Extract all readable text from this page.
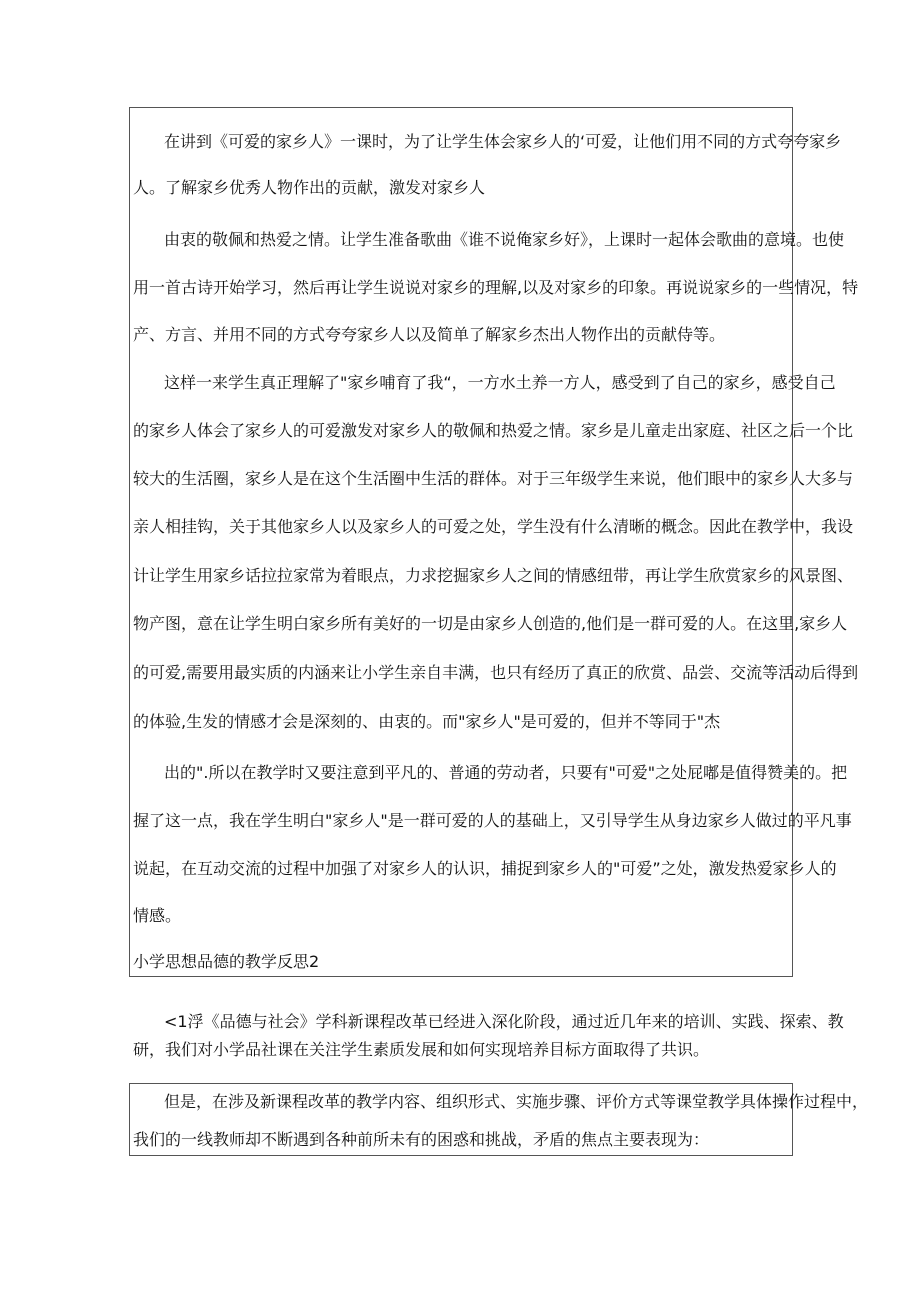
在讲到《可爱的家乡人》一课时，为了让学生体会家乡人的‘可爱，让他们用不同的方式夸夸家乡
人。了解家乡优秀人物作出的贡献，激发对家乡人
由衷的敬佩和热爱之情。让学生准备歌曲《谁不说俺家乡好》，上课时一起体会歌曲的意境。也使
用一首古诗开始学习，然后再让学生说说对家乡的理解,以及对家乡的印象。再说说家乡的一些情况，特
产、方言、并用不同的方式夸夸家乡人以及简单了解家乡杰出人物作出的贡献侍等。
这样一来学生真正理解了"家乡哺育了我“，一方水土养一方人，感受到了自己的家乡，感受自己
的家乡人体会了家乡人的可爱激发对家乡人的敬佩和热爱之情。家乡是儿童走出家庭、社区之后一个比
较大的生活圈，家乡人是在这个生活圈中生活的群体。对于三年级学生来说，他们眼中的家乡人大多与
亲人相挂钩，关于其他家乡人以及家乡人的可爱之处，学生没有什么清晰的概念。因此在教学中，我设
计让学生用家乡话拉拉家常为着眼点，力求挖掘家乡人之间的情感纽带，再让学生欣赏家乡的风景图、
物产图，意在让学生明白家乡所有美好的一切是由家乡人创造的,他们是一群可爱的人。在这里,家乡人
的可爱,需要用最实质的内涵来让小学生亲自丰满，也只有经历了真正的欣赏、品尝、交流等活动后得到
的体验,生发的情感才会是深刻的、由衷的。而"家乡人"是可爱的，但并不等同于"杰
出的".所以在教学时又要注意到平凡的、普通的劳动者，只要有"可爱"之处屁嘟是值得赞美的。把
握了这一点，我在学生明白"家乡人"是一群可爱的人的基础上，又引导学生从身边家乡人做过的平凡事
说起，在互动交流的过程中加强了对家乡人的认识，捕捉到家乡人的"可爱”之处，激发热爱家乡人的
情感。
小学思想品德的教学反思2
<1浮《品德与社会》学科新课程改革已经进入深化阶段，通过近几年来的培训、实践、探索、教
研，我们对小学品社课在关注学生素质发展和如何实现培养目标方面取得了共识。
但是，在涉及新课程改革的教学内容、组织形式、实施步骤、评价方式等课堂教学具体操作过程中，
我们的一线教师却不断遇到各种前所未有的困惑和挑战，矛盾的焦点主要表现为：
